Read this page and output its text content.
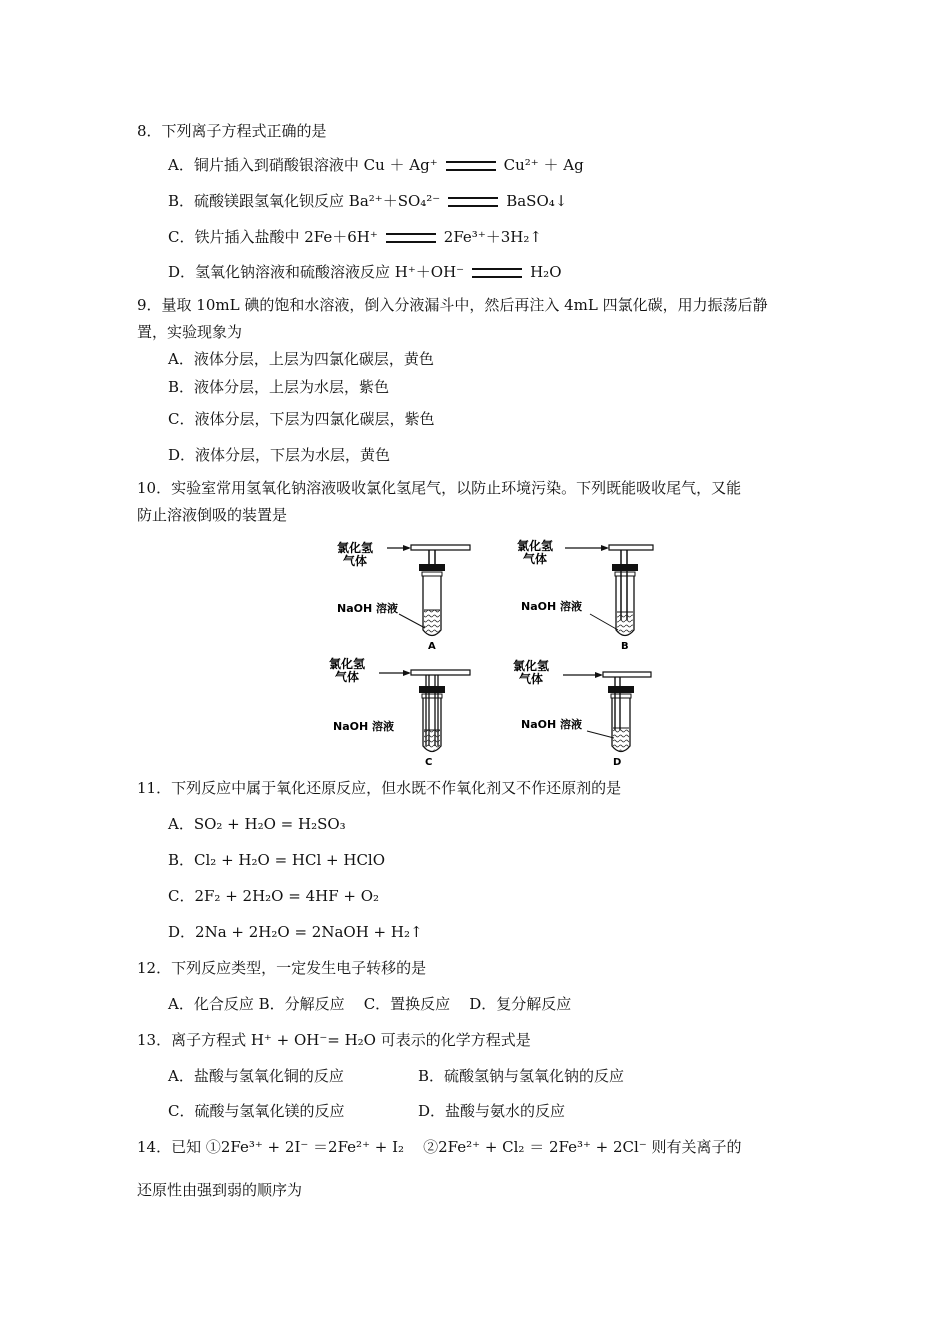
8．下列离子方程式正确的是
A．铜片插入到硝酸银溶液中 Cu ＋ Ag⁺	Cu²⁺ ＋ Ag
B．硫酸镁跟氢氧化钡反应 Ba²⁺＋SO₄²⁻	BaSO₄↓
C．铁片插入盐酸中 2Fe＋6H⁺	2Fe³⁺＋3H₂↑
D．氢氧化钠溶液和硫酸溶液反应 H⁺＋OH⁻	H₂O
9．量取 10mL 碘的饱和水溶液，倒入分液漏斗中，然后再注入 4mL 四氯化碳，用力振荡后静
置，实验现象为
A．液体分层，上层为四氯化碳层，黄色
B．液体分层，上层为水层，紫色
C．液体分层，下层为四氯化碳层，紫色
D．液体分层，下层为水层，黄色
10．实验室常用氢氧化钠溶液吸收氯化氢尾气，以防止环境污染。下列既能吸收尾气，又能
防止溶液倒吸的装置是
氯化氢
气体
NaOH 溶液
A
氯化氢
气体
NaOH 溶液
B
氯化氢
气体
NaOH 溶液
C
氯化氢
气体
NaOH 溶液
D
11．下列反应中属于氧化还原反应，但水既不作氧化剂又不作还原剂的是
A．SO₂ + H₂O = H₂SO₃
B．Cl₂ + H₂O = HCl + HClO
C．2F₂ + 2H₂O = 4HF + O₂
D．2Na + 2H₂O = 2NaOH + H₂↑
12．下列反应类型，一定发生电子转移的是
A．化合反应 B．分解反应    C．置换反应    D．复分解反应
13．离子方程式 H⁺ + OH⁻= H₂O 可表示的化学方程式是
A．盐酸与氢氧化铜的反应	B．硫酸氢钠与氢氧化钠的反应
C．硫酸与氢氧化镁的反应	D．盐酸与氨水的反应
14．已知 ①2Fe³⁺ + 2I⁻ ＝2Fe²⁺ + I₂    ②2Fe²⁺ + Cl₂ ＝ 2Fe³⁺ + 2Cl⁻ 则有关离子的
还原性由强到弱的顺序为
